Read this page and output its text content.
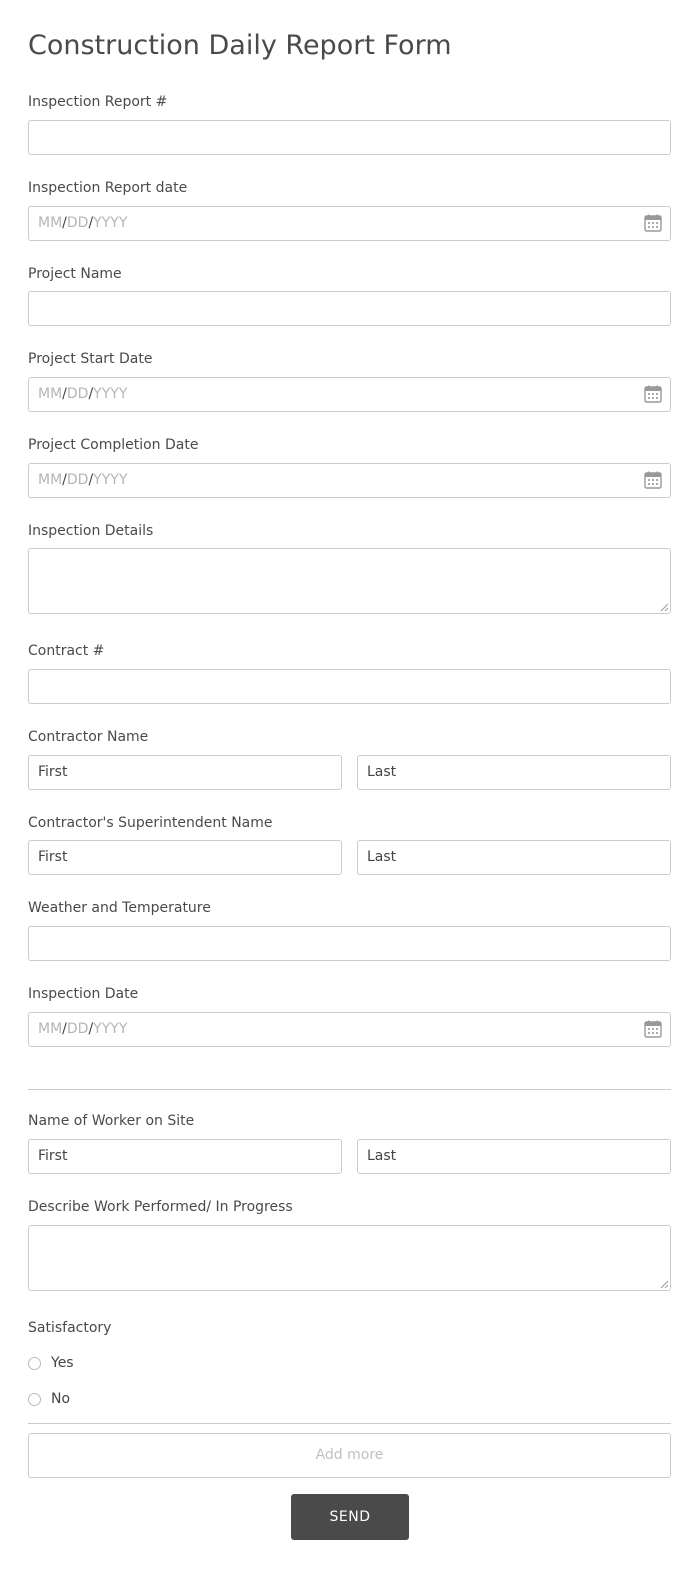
Construction Daily Report Form
Inspection Report #
Inspection Report date
MM/DD/YYYY
Project Name
Project Start Date
MM/DD/YYYY
Project Completion Date
MM/DD/YYYY
Inspection Details
Contract #
Contractor Name
First	Last
Contractor's Superintendent Name
First	Last
Weather and Temperature
Inspection Date
MM/DD/YYYY
Name of Worker on Site
First	Last
Describe Work Performed/ In Progress
Satisfactory
Yes
No
Add more
SEND
